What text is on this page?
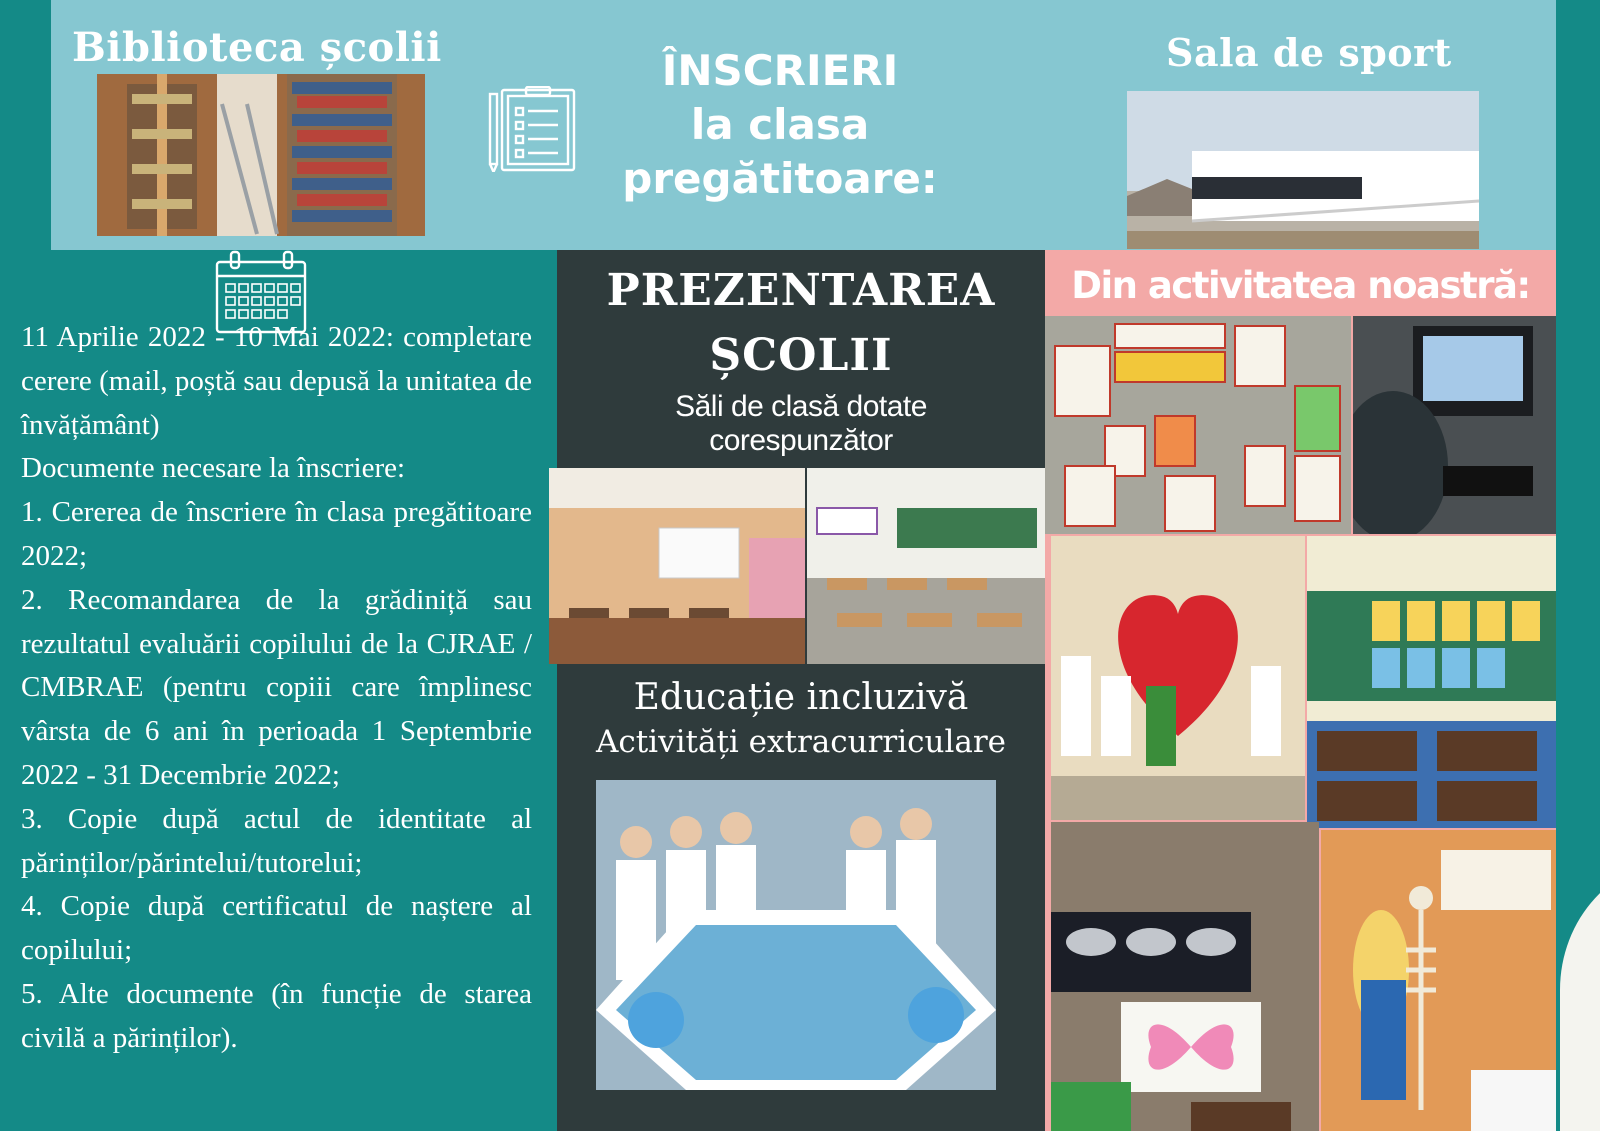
Biblioteca școlii	ÎNSCRIERI
la clasa
pregătitoare:
Sala de sport

11 Aprilie 2022 - 10 Mai 2022: completare cerere (mail, poștă sau depusă la unitatea de învățământ)

Documente necesare la înscriere:

1. Cererea de înscriere în clasa pregătitoare 2022;

2. Recomandarea de la grădiniță sau rezultatul evaluării copilului de la CJRAE / CMBRAE (pentru copiii care împlinesc vârsta de 6 ani în perioada 1 Septembrie 2022 - 31 Decembrie 2022;

3. Copie după actul de identitate al părinților/părintelui/tutorelui;

4. Copie după certificatul de naștere al copilului;

5. Alte documente (în funcție de starea civilă a părinților).

PREZENTAREA
ȘCOLII
Săli de clasă dotate
corespunzător
Educație incluzivă
Activități extracurriculare
Din activitatea noastră:
